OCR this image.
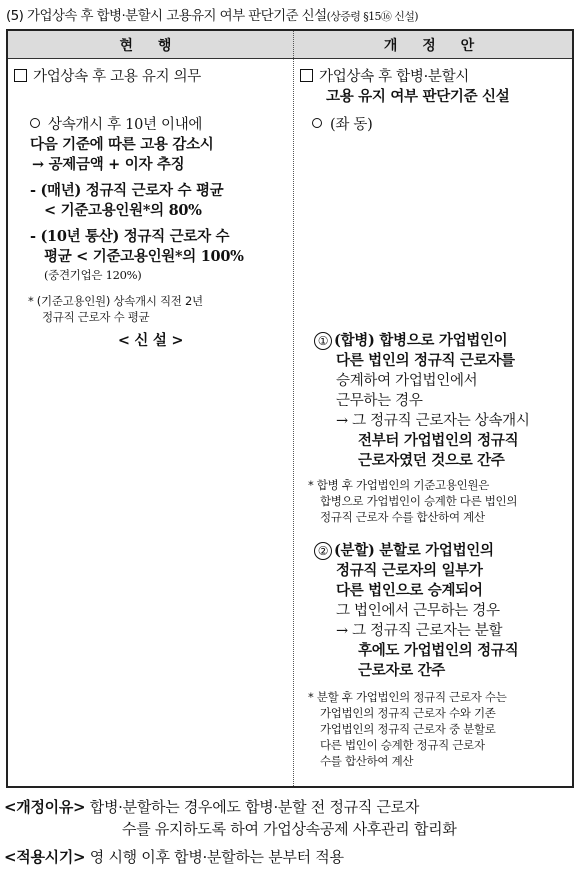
(5) 가업상속 후 합병·분할시 고용유지 여부 판단기준 신설(상증령 §15⑯ 신설)
현 행	개 정 안
가업상속 후 고용 유지 의무
상속개시 후 10년 이내에
다음 기준에 따른 고용 감소시
→ 공제금액 + 이자 추징
- (매년) 정규직 근로자 수 평균
< 기준고용인원*의 80%
- (10년 통산) 정규직 근로자 수
평균 < 기준고용인원*의 100%
(중견기업은 120%)
* (기준고용인원) 상속개시 직전 2년
정규직 근로자 수 평균
< 신 설 >
가업상속 후 합병·분할시
고용 유지 여부 판단기준 신설
(좌 동)
① (합병) 합병으로 가업법인이
다른 법인의 정규직 근로자를
승계하여 가업법인에서
근무하는 경우
→ 그 정규직 근로자는 상속개시
전부터 가업법인의 정규직
근로자였던 것으로 간주
* 합병 후 가업법인의 기준고용인원은
합병으로 가업법인이 승계한 다른 법인의
정규직 근로자 수를 합산하여 계산
② (분할) 분할로 가업법인의
정규직 근로자의 일부가
다른 법인으로 승계되어
그 법인에서 근무하는 경우
→ 그 정규직 근로자는 분할
후에도 가업법인의 정규직
근로자로 간주
* 분할 후 가업법인의 정규직 근로자 수는
가업법인의 정규직 근로자 수와 기존
가업법인의 정규직 근로자 중 분할로
다른 법인이 승계한 정규직 근로자
수를 합산하여 계산
<개정이유> 합병·분할하는 경우에도 합병·분할 전 정규직 근로자
수를 유지하도록 하여 가업상속공제 사후관리 합리화
<적용시기> 영 시행 이후 합병·분할하는 분부터 적용
